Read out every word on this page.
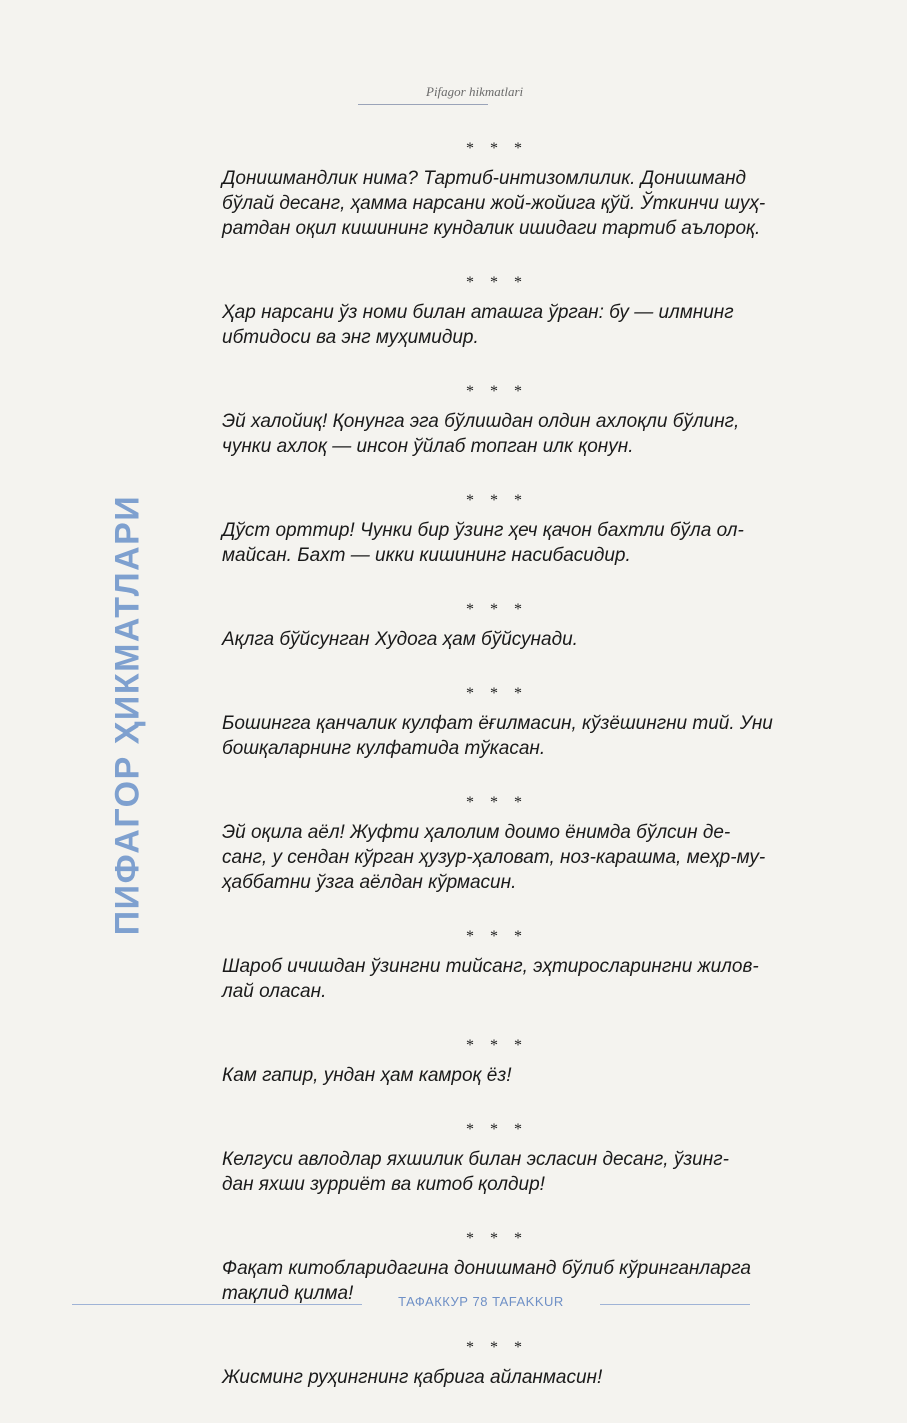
Pifagor hikmatlari
ПИФАГОР ҲИКМАТЛАРИ
* * *
Донишмандлик нима? Тартиб-интизомлилик. Донишманд
бўлай десанг, ҳамма нарсани жой-жойига қўй. Ўткинчи шуҳ-
ратдан оқил кишининг кундалик ишидаги тартиб аълороқ.
* * *
Ҳар нарсани ўз номи билан аташга ўрган: бу — илмнинг
ибтидоси ва энг муҳимидир.
* * *
Эй халойиқ! Қонунга эга бўлишдан олдин ахлоқли бўлинг,
чунки ахлоқ — инсон ўйлаб топган илк қонун.
* * *
Дўст орттир! Чунки бир ўзинг ҳеч қачон бахтли бўла ол-
майсан. Бахт — икки кишининг насибасидир.
* * *
Ақлга бўйсунган Худога ҳам бўйсунади.
* * *
Бошингга қанчалик кулфат ёғилмасин, кўзёшингни тий. Уни
бошқаларнинг кулфатида тўкасан.
* * *
Эй оқила аёл! Жуфти ҳалолим доимо ёнимда бўлсин де-
санг, у сендан кўрган ҳузур-ҳаловат, ноз-карашма, меҳр-му-
ҳаббатни ўзга аёлдан кўрмасин.
* * *
Шароб ичишдан ўзингни тийсанг, эҳтиросларингни жилов-
лай оласан.
* * *
Кам гапир, ундан ҳам камроқ ёз!
* * *
Келгуси авлодлар яхшилик билан эсласин десанг, ўзинг-
дан яхши зурриёт ва китоб қолдир!
* * *
Фақат китобларидагина донишманд бўлиб кўринганларга
тақлид қилма!
* * *
Жисминг руҳингнинг қабрига айланмасин!
ТАФАККУР 78 TAFAKKUR
